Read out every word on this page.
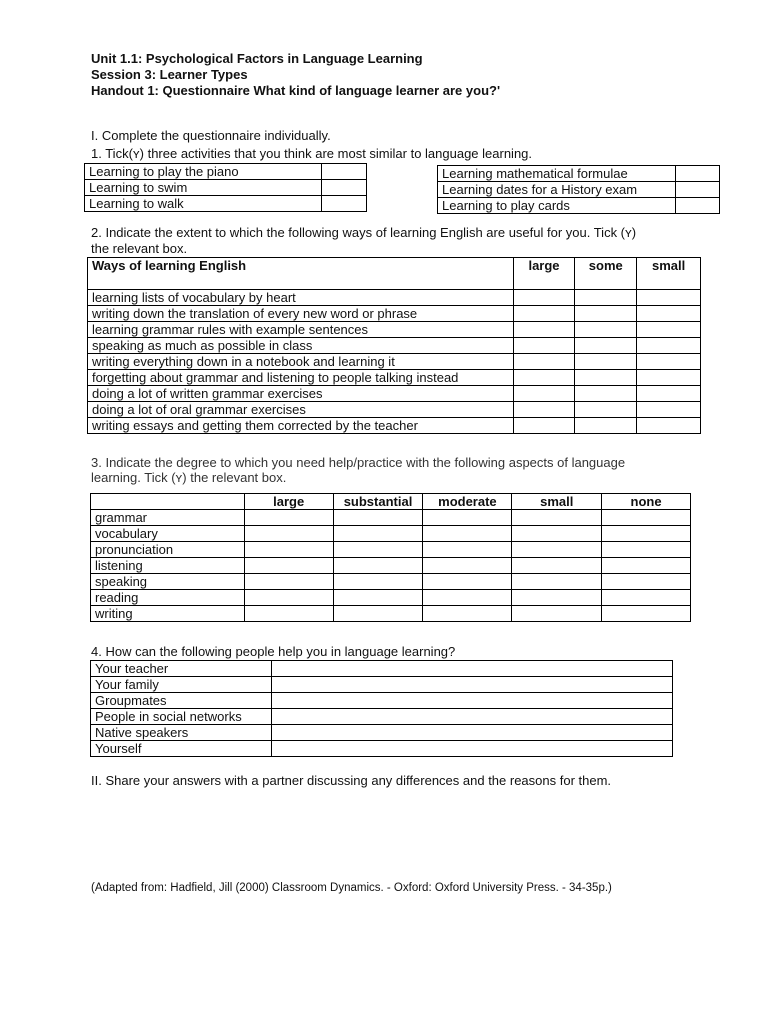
Unit 1.1: Psychological Factors in Language Learning
Session 3: Learner Types
Handout 1: Questionnaire What kind of language learner are you?'
I. Complete the questionnaire individually.
1. Tick(ʏ) three activities that you think are most similar to language learning.
Learning to play the piano	
Learning to swim	
Learning to walk	
Learning mathematical formulae	
Learning dates for a History exam	
Learning to play cards	
2. Indicate the extent to which the following ways of learning English are useful for you. Tick (ʏ)
the relevant box.
Ways of learning English	large	some	small
learning lists of vocabulary by heart			
writing down the translation of every new word or phrase			
learning grammar rules with example sentences			
speaking as much as possible in class			
writing everything down in a notebook and learning it			
forgetting about grammar and listening to people talking instead			
doing a lot of written grammar exercises			
doing a lot of oral grammar exercises			
writing essays and getting them corrected by the teacher			
3. Indicate the degree to which you need help/practice with the following aspects of language
learning. Tick (ʏ) the relevant box.
	large	substantial	moderate	small	none
grammar					
vocabulary					
pronunciation					
listening					
speaking					
reading					
writing					
4. How can the following people help you in language learning?
Your teacher	
Your family	
Groupmates	
People in social networks	
Native speakers	
Yourself	
II. Share your answers with a partner discussing any differences and the reasons for them.
(Adapted from: Hadfield, Jill (2000) Classroom Dynamics. - Oxford: Oxford University Press. - 34-35p.)
